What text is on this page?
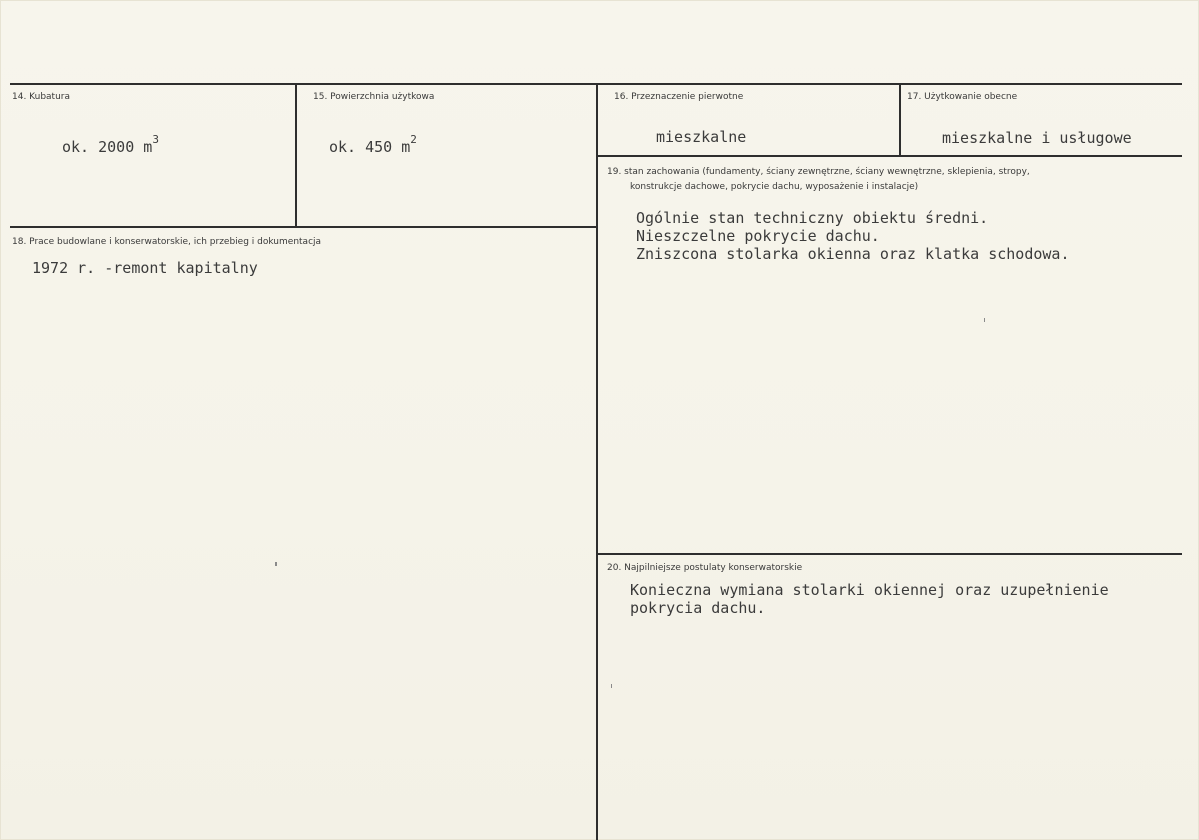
14. Kubatura
ok. 2000 $m^3$
15. Powierzchnia użytkowa
ok. 450 $m^2$
16. Przeznaczenie pierwotne
mieszkalne
17. Użytkowanie obecne
mieszkalne i usługowe
19. stan zachowania (fundamenty, ściany zewnętrzne, ściany wewnętrzne, sklepienia, stropy,
konstrukcje dachowe, pokrycie dachu, wyposażenie i instalacje)
Ogólnie stan techniczny obiektu średni.
Nieszczelne pokrycie dachu.
Zniszcona stolarka okienna oraz klatka schodowa.
18. Prace budowlane i konserwatorskie, ich przebieg i dokumentacja
1972 r. -remont kapitalny
20. Najpilniejsze postulaty konserwatorskie
Konieczna wymiana stolarki okiennej oraz uzupełnienie
pokrycia dachu.
